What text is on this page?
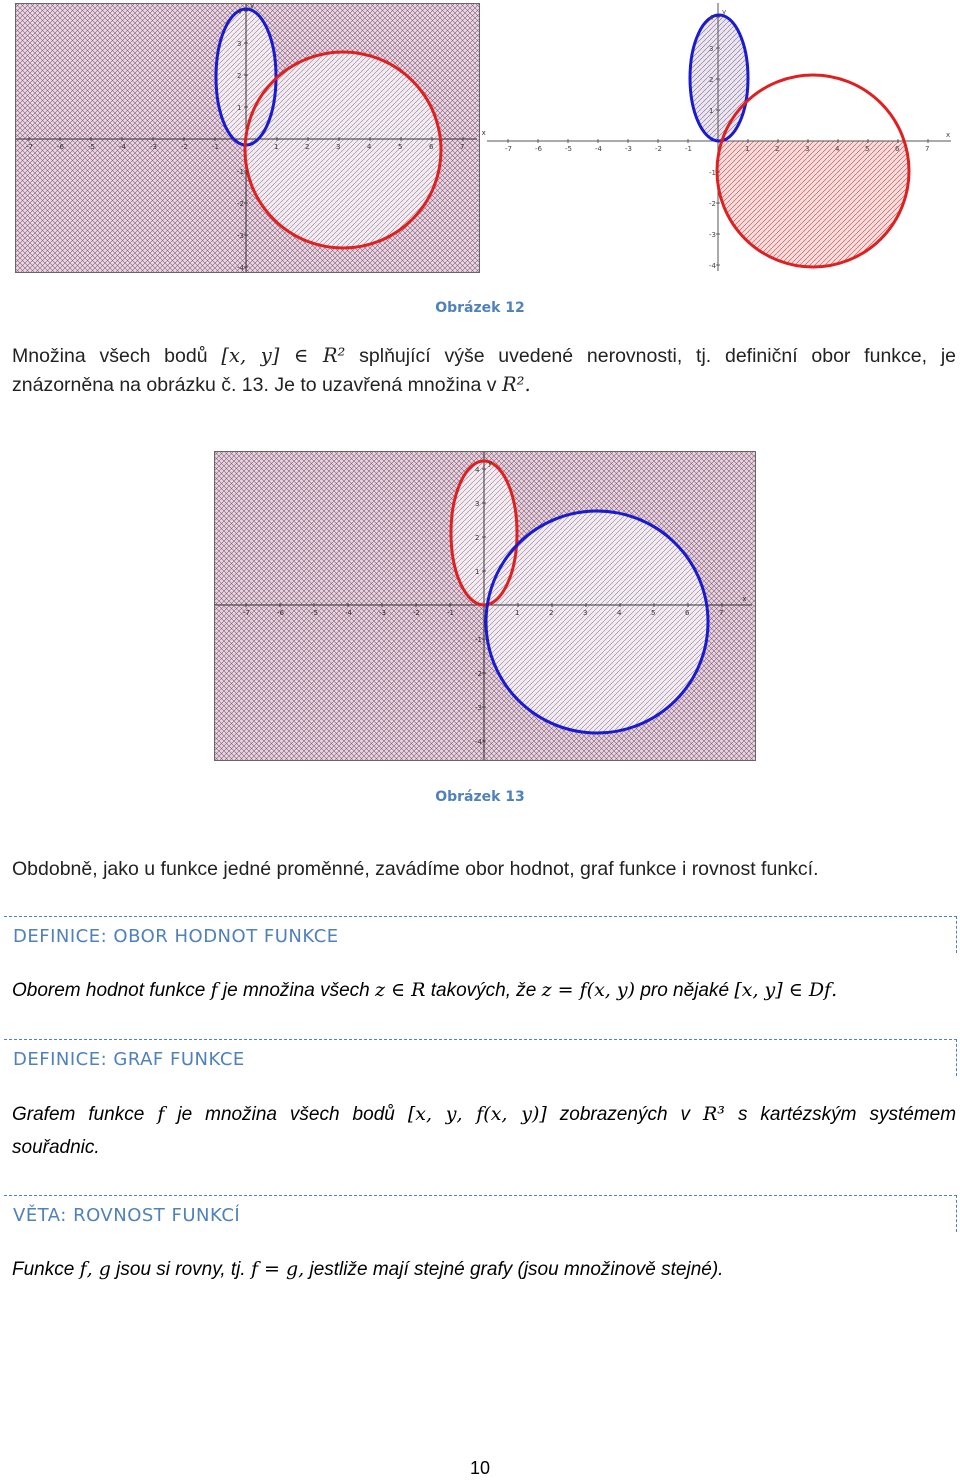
-7	-6	-5	-4	-3	-2	-1	1	2	3	4	5	6	7
4
3
2
1
-1
-2
-3
-4
x
y
-7	-6	-5	-4	-3	-2	-1	1	2	3	4	5	6	7
4
3
2
1
-1
-2
-3
-4
x
y
Obrázek 12
Množina všech bodů [𝑥, 𝑦] ∈ 𝑅² splňující výše uvedené nerovnosti, tj. definiční obor funkce, je
znázorněna na obrázku č. 13. Je to uzavřená množina v 𝑅².
-7	-6	-5	-4	-3	-2	-1	1	2	3	4	5	6	7
4
3
2
1
-1
-2
-3
-4
x
y
Obrázek 13
Obdobně, jako u funkce jedné proměnné, zavádíme obor hodnot, graf funkce i rovnost funkcí.
DEFINICE: OBOR HODNOT FUNKCE
Oborem hodnot funkce 𝑓 je množina všech 𝑧 ∈ 𝑅 takových, že 𝑧 = 𝑓(𝑥, 𝑦) pro nějaké [𝑥, 𝑦] ∈ 𝐷𝑓.
DEFINICE: GRAF FUNKCE
Grafem funkce 𝑓 je množina všech bodů [𝑥, 𝑦, 𝑓(𝑥, 𝑦)] zobrazených v 𝑅³ s kartézským systémem
souřadnic.
VĚTA: ROVNOST FUNKCÍ
Funkce 𝑓, 𝑔 jsou si rovny, tj. 𝑓 = 𝑔, jestliže mají stejné grafy (jsou množinově stejné).
10
